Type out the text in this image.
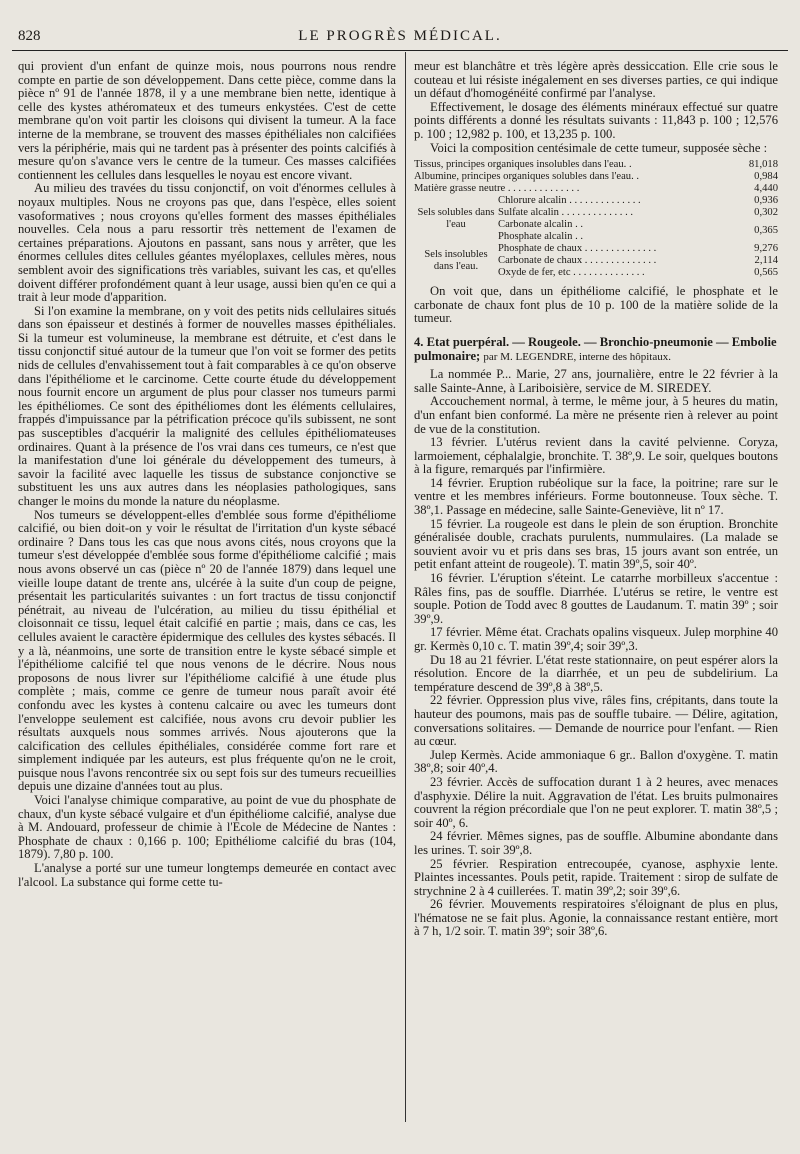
828	LE PROGRÈS MÉDICAL.

qui provient d'un enfant de quinze mois, nous pourrons nous rendre compte en partie de son développement. Dans cette pièce, comme dans la pièce nº 91 de l'année 1878, il y a une membrane bien nette, identique à celle des kystes athéromateux et des tumeurs enkystées. C'est de cette membrane qu'on voit partir les cloisons qui divisent la tumeur. A la face interne de la membrane, se trouvent des masses épithéliales non calcifiées vers la périphérie, mais qui ne tardent pas à présenter des points calcifiés à mesure qu'on s'avance vers le centre de la tumeur. Ces masses calcifiées contiennent les cellules dans lesquelles le noyau est encore vivant.

Au milieu des travées du tissu conjonctif, on voit d'énormes cellules à noyaux multiples. Nous ne croyons pas que, dans l'espèce, elles soient vasoformatives ; nous croyons qu'elles forment des masses épithéliales nouvelles. Cela nous a paru ressortir très nettement de l'examen de certaines préparations. Ajoutons en passant, sans nous y arrêter, que les énormes cellules dites cellules géantes myéloplaxes, cellules mères, nous semblent avoir des significations très variables, suivant les cas, et qu'elles doivent différer profondément quant à leur usage, aussi bien qu'en ce qui a trait à leur mode d'apparition.

Si l'on examine la membrane, on y voit des petits nids cellulaires situés dans son épaisseur et destinés à former de nouvelles masses épithéliales. Si la tumeur est volumineuse, la membrane est détruite, et c'est dans le tissu conjonctif situé autour de la tumeur que l'on voit se former des petits nids de cellules d'envahissement tout à fait comparables à ce qu'on observe dans l'épithéliome et le carcinome. Cette courte étude du développement nous fournit encore un argument de plus pour classer nos tumeurs parmi les épithéliomes. Ce sont des épithéliomes dont les éléments cellulaires, frappés d'impuissance par la pétrification précoce qu'ils subissent, ne sont pas susceptibles d'acquérir la malignité des cellules épithéliomateuses ordinaires. Quant à la présence de l'os vrai dans ces tumeurs, ce n'est que la manifestation d'une loi générale du développement des tumeurs, à savoir la facilité avec laquelle les tissus de substance conjonctive se substituent les uns aux autres dans les néoplasies pathologiques, sans changer le moins du monde la nature du néoplasme.

Nos tumeurs se développent-elles d'emblée sous forme d'épithéliome calcifié, ou bien doit-on y voir le résultat de l'irritation d'un kyste sébacé ordinaire ? Dans tous les cas que nous avons cités, nous croyons que la tumeur s'est développée d'emblée sous forme d'épithéliome calcifié ; mais nous avons observé un cas (pièce nº 20 de l'année 1879) dans lequel une vieille loupe datant de trente ans, ulcérée à la suite d'un coup de peigne, présentait les particularités suivantes : un fort tractus de tissu conjonctif pénétrait, au niveau de l'ulcération, au milieu du tissu épithélial et cloisonnait ce tissu, lequel était calcifié en partie ; mais, dans ce cas, les cellules avaient le caractère épidermique des cellules des kystes sébacés. Il y a là, néanmoins, une sorte de transition entre le kyste sébacé simple et l'épithéliome calcifié tel que nous venons de le décrire. Nous nous proposons de nous livrer sur l'épithéliome calcifié à une étude plus complète ; mais, comme ce genre de tumeur nous paraît avoir été confondu avec les kystes à contenu calcaire ou avec les tumeurs dont l'enveloppe seulement est calcifiée, nous avons cru devoir publier les résultats auxquels nous sommes arrivés. Nous ajouterons que la calcification des cellules épithéliales, considérée comme fort rare et simplement indiquée par les auteurs, est plus fréquente qu'on ne le croit, puisque nous l'avons rencontrée six ou sept fois sur des tumeurs recueillies depuis une dizaine d'années tout au plus.

Voici l'analyse chimique comparative, au point de vue du phosphate de chaux, d'un kyste sébacé vulgaire et d'un épithéliome calcifié, analyse due à M. Andouard, professeur de chimie à l'Ecole de Médecine de Nantes : Phosphate de chaux : 0,166 p. 100; Epithéliome calcifié du bras (104, 1879). 7,80 p. 100.

L'analyse a porté sur une tumeur longtemps demeurée en contact avec l'alcool. La substance qui forme cette tu-

meur est blanchâtre et très légère après dessiccation. Elle crie sous le couteau et lui résiste inégalement en ses diverses parties, ce qui indique un défaut d'homogénéité confirmé par l'analyse.

Effectivement, le dosage des éléments minéraux effectué sur quatre points différents a donné les résultats suivants : 11,843 p. 100 ; 12,576 p. 100 ; 12,982 p. 100, et 13,235 p. 100.

Voici la composition centésimale de cette tumeur, supposée sèche :

Tissus, principes organiques insolubles dans l'eau. .		81,018
Albumine, principes organiques solubles dans l'eau. .		0,984
Matière grasse neutre . . .		4,440
Sels solubles dans l'eau	Chlorure alcalin . . .	0,936
	Sulfate alcalin . . .	0,302
	Carbonate alcalin . .	0,365
	Phosphate alcalin . .	
Sels insolubles dans l'eau.	Phosphate de chaux . . .	9,276
	Carbonate de chaux . . .	2,114
	Oxyde de fer, etc . . .	0,565

On voit que, dans un épithéliome calcifié, le phosphate et le carbonate de chaux font plus de 10 p. 100 de la matière solide de la tumeur.

4. Etat puerpéral. — Rougeole. — Bronchio-pneumonie — Embolie pulmonaire; par M. LEGENDRE, interne des hôpitaux.

La nommée P... Marie, 27 ans, journalière, entre le 22 février à la salle Sainte-Anne, à Lariboisière, service de M. SIREDEY.

Accouchement normal, à terme, le même jour, à 5 heures du matin, d'un enfant bien conformé. La mère ne présente rien à relever au point de vue de la constitution.

13 février. L'utérus revient dans la cavité pelvienne. Coryza, larmoiement, céphalalgie, bronchite. T. 38º,9. Le soir, quelques boutons à la figure, remarqués par l'infirmière.

14 février. Eruption rubéolique sur la face, la poitrine; rare sur le ventre et les membres inférieurs. Forme boutonneuse. Toux sèche. T. 38º,1. Passage en médecine, salle Sainte-Geneviève, lit nº 17.

15 février. La rougeole est dans le plein de son éruption. Bronchite généralisée double, crachats purulents, nummulaires. (La malade se souvient avoir vu et pris dans ses bras, 15 jours avant son entrée, un petit enfant atteint de rougeole). T. matin 39º,5, soir 40º.

16 février. L'éruption s'éteint. Le catarrhe morbilleux s'accentue : Râles fins, pas de souffle. Diarrhée. L'utérus se retire, le ventre est souple. Potion de Todd avec 8 gouttes de Laudanum. T. matin 39º ; soir 39º,9.

17 février. Même état. Crachats opalins visqueux. Julep morphine 40 gr. Kermès 0,10 c. T. matin 39º,4; soir 39º,3.

Du 18 au 21 février. L'état reste stationnaire, on peut espérer alors la résolution. Encore de la diarrhée, et un peu de subdelirium. La température descend de 39º,8 à 38º,5.

22 février. Oppression plus vive, râles fins, crépitants, dans toute la hauteur des poumons, mais pas de souffle tubaire. — Délire, agitation, conversations solitaires. — Demande de nourrice pour l'enfant. — Rien au cœur.

Julep Kermès. Acide ammoniaque 6 gr.. Ballon d'oxygène. T. matin 38º,8; soir 40º,4.

23 février. Accès de suffocation durant 1 à 2 heures, avec menaces d'asphyxie. Délire la nuit. Aggravation de l'état. Les bruits pulmonaires couvrent la région précordiale que l'on ne peut explorer. T. matin 38º,5 ; soir 40º, 6.

24 février. Mêmes signes, pas de souffle. Albumine abondante dans les urines. T. soir 39º,8.

25 février. Respiration entrecoupée, cyanose, asphyxie lente. Plaintes incessantes. Pouls petit, rapide. Traitement : sirop de sulfate de strychnine 2 à 4 cuillerées. T. matin 39º,2; soir 39º,6.

26 février. Mouvements respiratoires s'éloignant de plus en plus, l'hématose ne se fait plus. Agonie, la connaissance restant entière, mort à 7 h, 1/2 soir. T. matin 39º; soir 38º,6.
